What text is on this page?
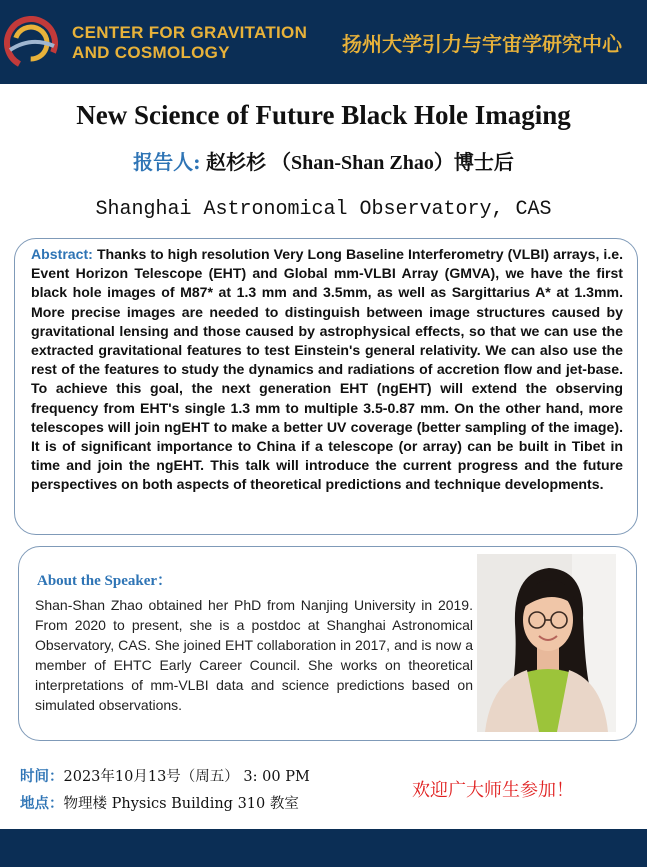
CENTER FOR GRAVITATION
AND COSMOLOGY	扬州大学引力与宇宙学研究中心
New Science of Future Black Hole Imaging
报告人: 赵杉杉 （Shan-Shan Zhao）博士后
Shanghai Astronomical Observatory, CAS

Abstract: Thanks to high resolution Very Long Baseline Interferometry (VLBI) arrays, i.e. Event Horizon Telescope (EHT) and Global mm-VLBI Array (GMVA), we have the first black hole images of M87* at 1.3 mm and 3.5mm, as well as Sargittarius A* at 1.3mm. More precise images are needed to distinguish between image structures caused by gravitational lensing and those caused by astrophysical effects, so that we can use the extracted gravitational features to test Einstein's general relativity. We can also use the rest of the features to study the dynamics and radiations of accretion flow and jet-base. To achieve this goal, the next generation EHT (ngEHT) will extend the observing frequency from EHT's single 1.3 mm to multiple 3.5-0.87 mm. On the other hand, more telescopes will join ngEHT to make a better UV coverage (better sampling of the image). It is of significant importance to China if a telescope (or array) can be built in Tibet in time and join the ngEHT. This talk will introduce the current progress and the future perspectives on both aspects of theoretical predictions and technique developments.

About the Speaker：
Shan-Shan Zhao obtained her PhD from Nanjing University in 2019. From 2020 to present, she is a postdoc at Shanghai Astronomical Observatory, CAS. She joined EHT collaboration in 2017, and is now a member of EHTC Early Career Council. She works on theoretical interpretations of mm-VLBI data and science predictions based on simulated observations.
时间：2023年10月13号（周五） 3: 00 PM
地点：物理楼 Physics Building 310 教室
欢迎广大师生参加！
